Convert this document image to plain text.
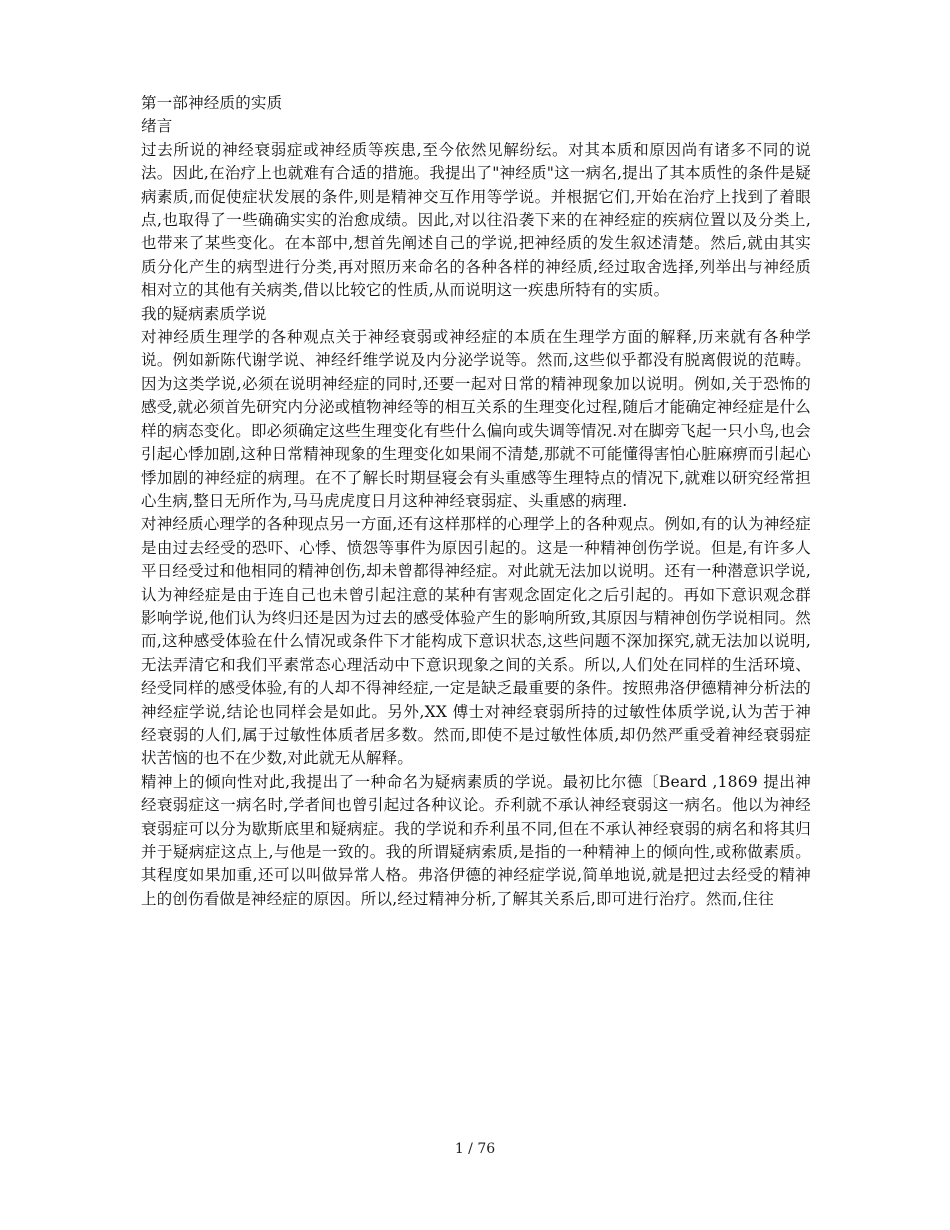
第一部神经质的实质

绪言

过去所说的神经衰弱症或神经质等疾患,至今依然见解纷纭。对其本质和原因尚有诸多不同的说法。因此,在治疗上也就难有合适的措施。我提出了"神经质"这一病名,提出了其本质性的条件是疑病素质,而促使症状发展的条件,则是精神交互作用等学说。并根据它们,开始在治疗上找到了着眼点,也取得了一些确确实实的治愈成绩。因此,对以往沿袭下来的在神经症的疾病位置以及分类上,也带来了某些变化。在本部中,想首先阐述自己的学说,把神经质的发生叙述清楚。然后,就由其实质分化产生的病型进行分类,再对照历来命名的各种各样的神经质,经过取舍选择,列举出与神经质相对立的其他有关病类,借以比较它的性质,从而说明这一疾患所特有的实质。

我的疑病素质学说

对神经质生理学的各种观点关于神经衰弱或神经症的本质在生理学方面的解释,历来就有各种学说。例如新陈代谢学说、神经纤维学说及内分泌学说等。然而,这些似乎都没有脱离假说的范畴。因为这类学说,必须在说明神经症的同时,还要一起对日常的精神现象加以说明。例如,关于恐怖的感受,就必须首先研究内分泌或植物神经等的相互关系的生理变化过程,随后才能确定神经症是什么样的病态变化。即必须确定这些生理变化有些什么偏向或失调等情况.对在脚旁飞起一只小鸟,也会引起心悸加剧,这种日常精神现象的生理变化如果闹不清楚,那就不可能懂得害怕心脏麻痹而引起心悸加剧的神经症的病理。在不了解长时期昼寝会有头重感等生理特点的情况下,就难以研究经常担心生病,整日无所作为,马马虎虎度日月这种神经衰弱症、头重感的病理.

对神经质心理学的各种现点另一方面,还有这样那样的心理学上的各种观点。例如,有的认为神经症是由过去经受的恐吓、心悸、愤怨等事件为原因引起的。这是一种精神创伤学说。但是,有许多人平日经受过和他相同的精神创伤,却未曾都得神经症。对此就无法加以说明。还有一种潜意识学说,认为神经症是由于连自己也未曾引起注意的某种有害观念固定化之后引起的。再如下意识观念群影响学说,他们认为终归还是因为过去的感受体验产生的影响所致,其原因与精神创伤学说相同。然而,这种感受体验在什么情况或条件下才能构成下意识状态,这些问题不深加探究,就无法加以说明,无法弄清它和我们平素常态心理活动中下意识现象之间的关系。所以,人们处在同样的生活环境、经受同样的感受体验,有的人却不得神经症,一定是缺乏最重要的条件。按照弗洛伊德精神分析法的神经症学说,结论也同样会是如此。另外,XX 傅士对神经衰弱所持的过敏性体质学说,认为苦于神经衰弱的人们,属于过敏性体质者居多数。然而,即使不是过敏性体质,却仍然严重受着神经衰弱症状苦恼的也不在少数,对此就无从解释。

精神上的倾向性对此,我提出了一种命名为疑病素质的学说。最初比尔德〔Beard ,1869 提出神经衰弱症这一病名时,学者间也曾引起过各种议论。乔利就不承认神经衰弱这一病名。他以为神经衰弱症可以分为歇斯底里和疑病症。我的学说和乔利虽不同,但在不承认神经衰弱的病名和将其归并于疑病症这点上,与他是一致的。我的所谓疑病索质,是指的一种精神上的倾向性,或称做素质。其程度如果加重,还可以叫做异常人格。弗洛伊德的神经症学说,简单地说,就是把过去经受的精神上的创伤看做是神经症的原因。所以,经过精神分析,了解其关系后,即可进行治疗。然而,住往

1 / 76
